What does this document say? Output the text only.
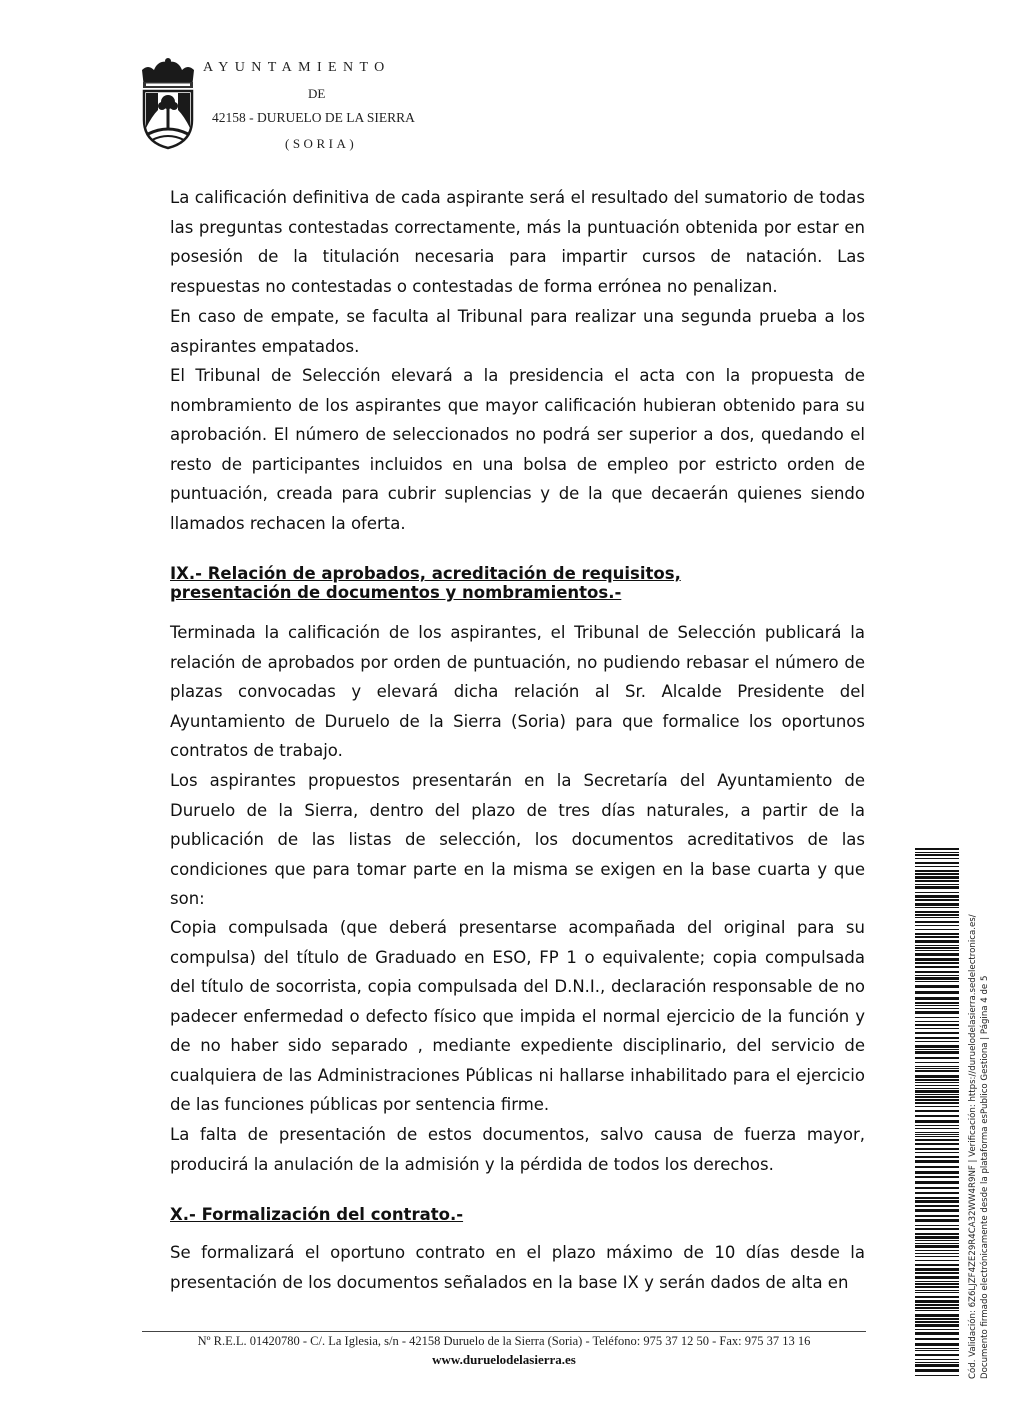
AYUNTAMIENTO
DE
42158 - DURUELO DE LA SIERRA
(SORIA)

La calificación definitiva de cada aspirante será el resultado del sumatorio de todas las preguntas contestadas correctamente, más la puntuación obtenida por estar en posesión de la titulación necesaria para impartir cursos de natación. Las respuestas no contestadas o contestadas de forma errónea no penalizan.

En caso de empate, se faculta al Tribunal para realizar una segunda prueba a los aspirantes empatados.

El Tribunal de Selección elevará a la presidencia el acta con la propuesta de nombramiento de los aspirantes que mayor calificación hubieran obtenido para su aprobación. El número de seleccionados no podrá ser superior a dos, quedando el resto de participantes incluidos en una bolsa de empleo por estricto orden de puntuación, creada para cubrir suplencias y de la que decaerán quienes siendo llamados rechacen la oferta.

IX.- Relación de aprobados, acreditación de requisitos,
presentación de documentos y nombramientos.-

Terminada la calificación de los aspirantes, el Tribunal de Selección publicará la relación de aprobados por orden de puntuación, no pudiendo rebasar el número de plazas convocadas y elevará dicha relación al Sr. Alcalde Presidente del Ayuntamiento de Duruelo de la Sierra (Soria) para que formalice los oportunos contratos de trabajo.

Los aspirantes propuestos presentarán en la Secretaría del Ayuntamiento de Duruelo de la Sierra, dentro del plazo de tres días naturales, a partir de la publicación de las listas de selección, los documentos acreditativos de las condiciones que para tomar parte en la misma se exigen en la base cuarta y que son:

Copia compulsada (que deberá presentarse acompañada del original para su compulsa) del título de Graduado en ESO, FP 1 o equivalente; copia compulsada del título de socorrista, copia compulsada del D.N.I., declaración responsable de no padecer enfermedad o defecto físico que impida el normal ejercicio de la función y de no haber sido separado , mediante expediente disciplinario, del servicio de cualquiera de las Administraciones Públicas ni hallarse inhabilitado para el ejercicio de las funciones públicas por sentencia firme.

La falta de presentación de estos documentos, salvo causa de fuerza mayor, producirá la anulación de la admisión y la pérdida de todos los derechos.

X.- Formalización del contrato.-

Se formalizará el oportuno contrato en el plazo máximo de 10 días desde la presentación de los documentos señalados en la base IX y serán dados de alta en

Nº R.E.L. 01420780 - C/. La Iglesia, s/n - 42158 Duruelo de la Sierra (Soria) - Teléfono: 975 37 12 50 - Fax: 975 37 13 16
www.duruelodelasierra.es	Cód. Validación: 6Z6LJZF4ZE29R4CA32WW4R9NF | Verificación: https://duruelodelasierra.sedelectronica.es/ Documento firmado electrónicamente desde la plataforma esPublico Gestiona | Página 4 de 5
